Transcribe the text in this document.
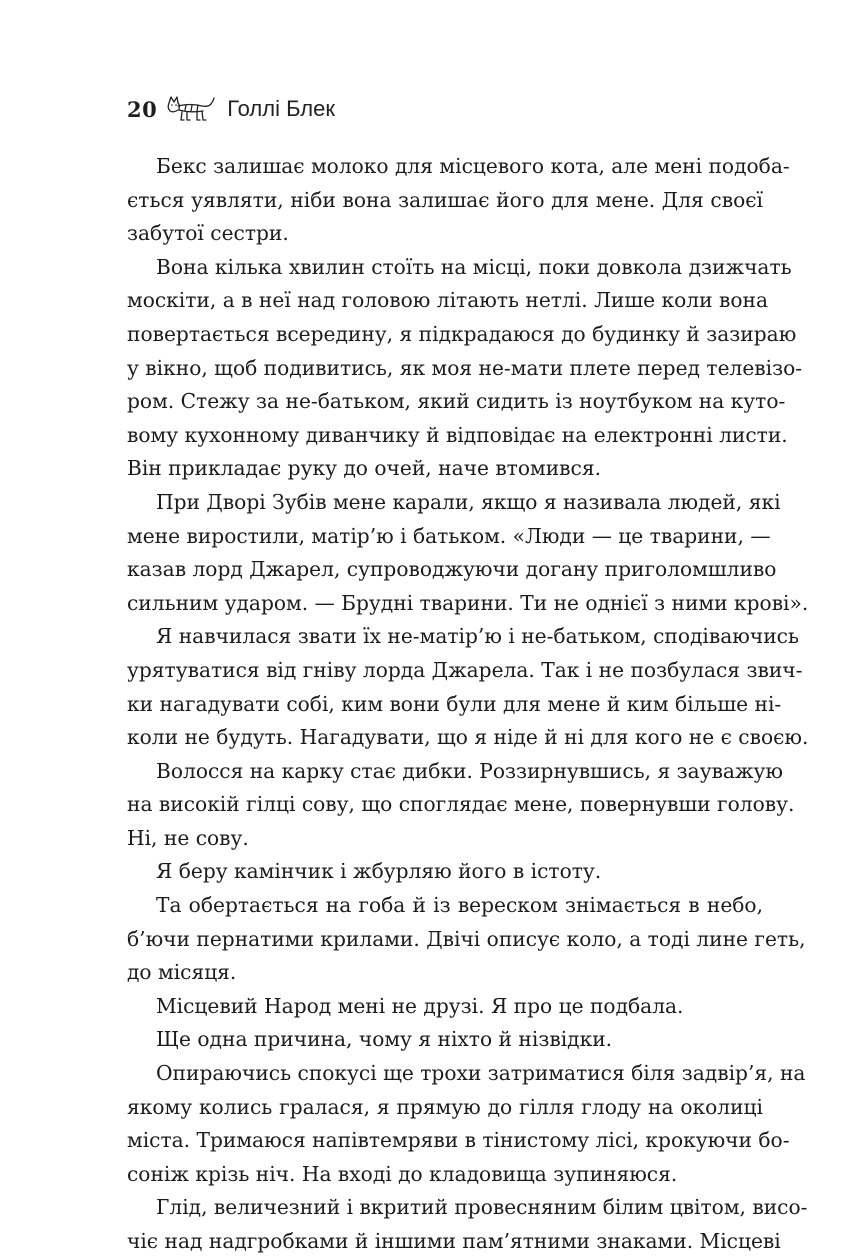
20	Голлі Блек
Бекс залишає молоко для місцевого кота, але мені подоба-
ється уявляти, ніби вона залишає його для мене. Для своєї
забутої сестри.
Вона кілька хвилин стоїть на місці, поки довкола дзижчать
москіти, а в неї над головою літають нетлі. Лише коли вона
повертається всередину, я підкрадаюся до будинку й зазираю
у вікно, щоб подивитись, як моя не-мати плете перед телевізо-
ром. Стежу за не-батьком, який сидить із ноутбуком на куто-
вому кухонному диванчику й відповідає на електронні листи.
Він прикладає руку до очей, наче втомився.
При Дворі Зубів мене карали, якщо я називала людей, які
мене виростили, матір’ю і батьком. «Люди — це тварини, —
казав лорд Джарел, супроводжуючи догану приголомшливо
сильним ударом. — Брудні тварини. Ти не однієї з ними крові».
Я навчилася звати їх не-матір’ю і не-батьком, сподіваючись
урятуватися від гніву лорда Джарела. Так і не позбулася звич-
ки нагадувати собі, ким вони були для мене й ким більше ні-
коли не будуть. Нагадувати, що я ніде й ні для кого не є своєю.
Волосся на карку стає дибки. Роззирнувшись, я зауважую
на високій гілці сову, що споглядає мене, повернувши голову.
Ні, не сову.
Я беру камінчик і жбурляю його в істоту.
Та обертається на гоба й із вереском знімається в небо,
б’ючи пернатими крилами. Двічі описує коло, а тоді лине геть,
до місяця.
Місцевий Народ мені не друзі. Я про це подбала.
Ще одна причина, чому я ніхто й нізвідки.
Опираючись спокусі ще трохи затриматися біля задвір’я, на
якому колись гралася, я прямую до гілля глоду на околиці
міста. Тримаюся напівтемряви в тінистому лісі, крокуючи бо-
соніж крізь ніч. На вході до кладовища зупиняюся.
Глід, величезний і вкритий провесняним білим цвітом, висо-
чіє над надгробками й іншими пам’ятними знаками. Місцеві
